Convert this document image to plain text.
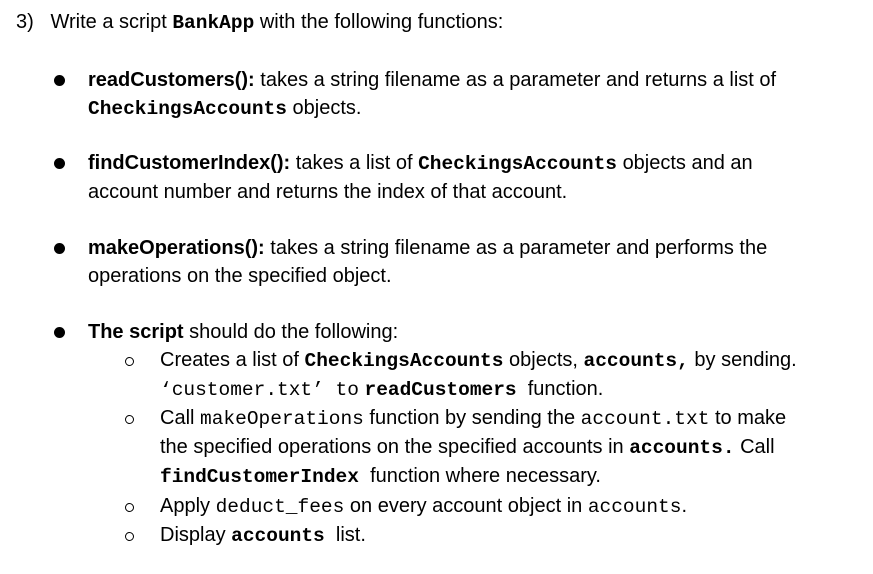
3) Write a script BankApp with the following functions:
readCustomers(): takes a string filename as a parameter and returns a list of
CheckingsAccounts objects.
findCustomerIndex(): takes a list of CheckingsAccounts objects and an
account number and returns the index of that account.
makeOperations(): takes a string filename as a parameter and performs the
operations on the specified object.
The script should do the following:
Creates a list of CheckingsAccounts objects, accounts, by sending.
‘customer.txt’ to readCustomers function.
Call makeOperations function by sending the account.txt to make
the specified operations on the specified accounts in accounts. Call
findCustomerIndex function where necessary.
Apply deduct_fees on every account object in accounts.
Display accounts list.
